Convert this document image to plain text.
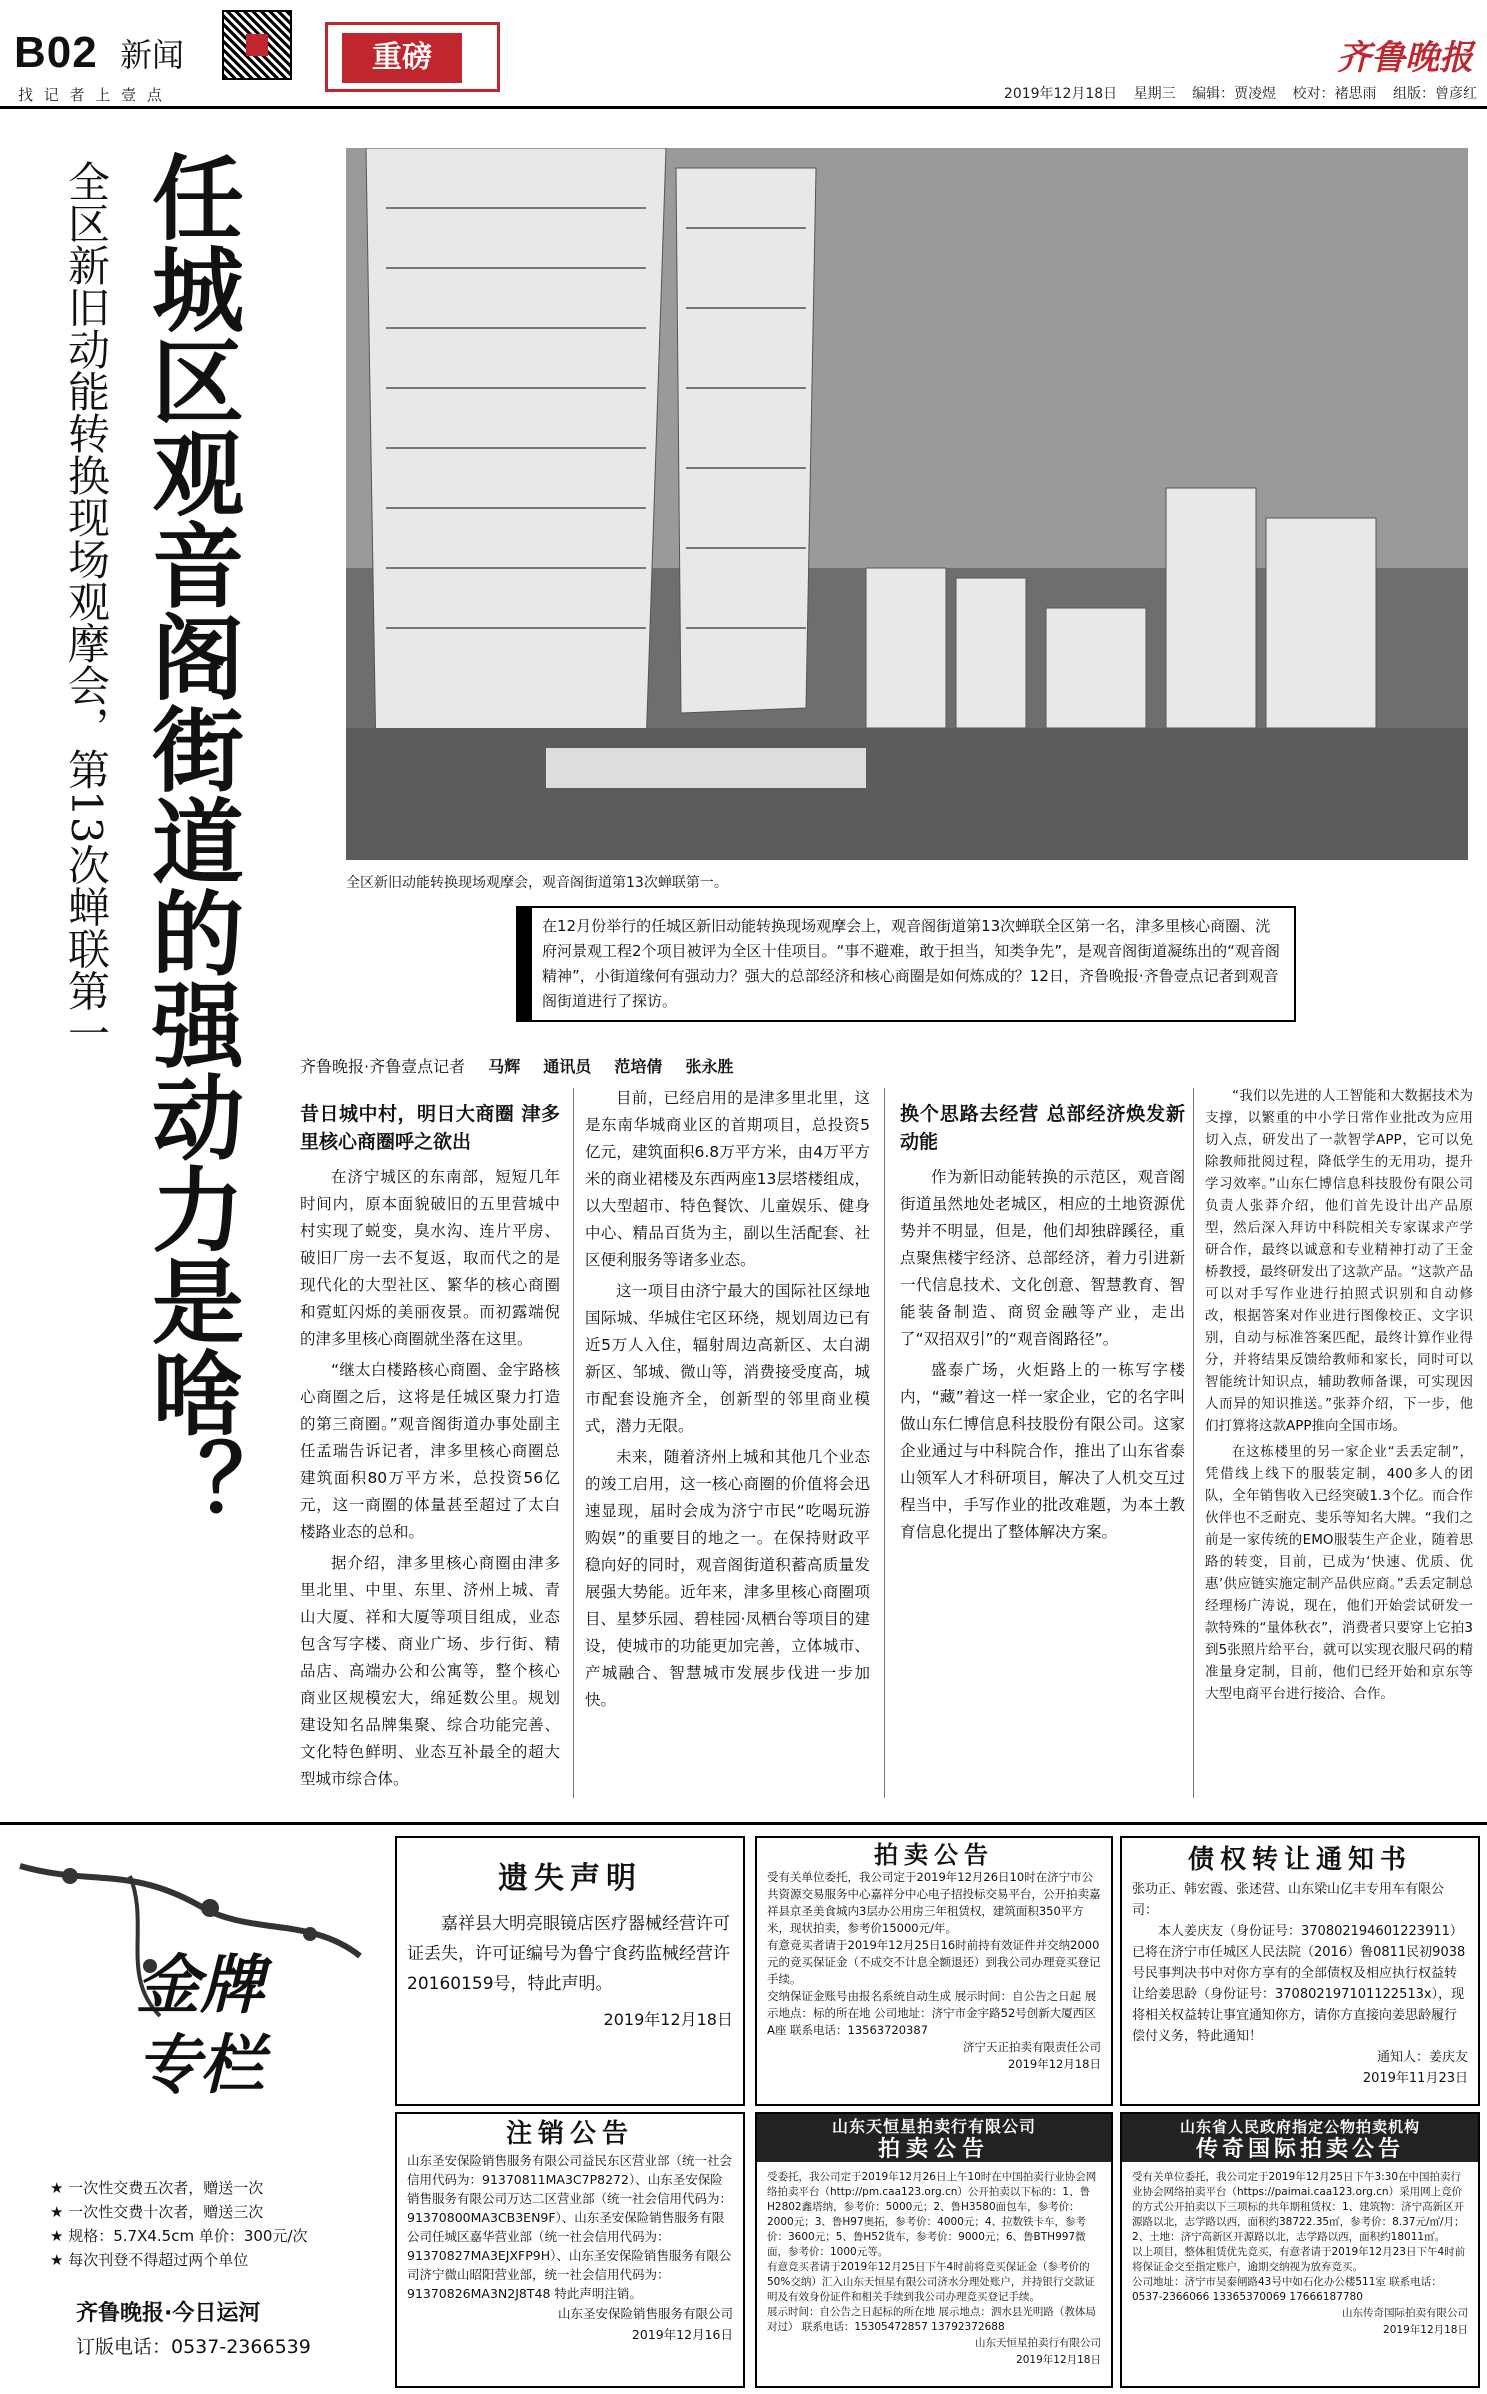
B02 新闻
找 记 者 上 壹 点
重磅	齐鲁晚报
2019年12月18日 星期三 编辑：贾凌煜 校对：褚思雨 组版：曾彦红
任城区观音阁街道的强动力是啥？
全区新旧动能转换现场观摩会，第13次蝉联第一	全区新旧动能转换现场观摩会，观音阁街道第13次蝉联第一。
在12月份举行的任城区新旧动能转换现场观摩会上，观音阁街道第13次蝉联全区第一名，津多里核心商圈、洸府河景观工程2个项目被评为全区十佳项目。“事不避难，敢于担当，知类争先”，是观音阁街道凝练出的“观音阁精神”，小街道缘何有强动力？强大的总部经济和核心商圈是如何炼成的？12日，齐鲁晚报·齐鲁壹点记者到观音阁街道进行了探访。
齐鲁晚报·齐鲁壹点记者 马辉 通讯员 范培倩 张永胜
昔日城中村，明日大商圈 津多里核心商圈呼之欲出

在济宁城区的东南部，短短几年时间内，原本面貌破旧的五里营城中村实现了蜕变，臭水沟、连片平房、破旧厂房一去不复返，取而代之的是现代化的大型社区、繁华的核心商圈和霓虹闪烁的美丽夜景。而初露端倪的津多里核心商圈就坐落在这里。

“继太白楼路核心商圈、金宇路核心商圈之后，这将是任城区聚力打造的第三商圈。”观音阁街道办事处副主任孟瑞告诉记者，津多里核心商圈总建筑面积80万平方米，总投资56亿元，这一商圈的体量甚至超过了太白楼路业态的总和。

据介绍，津多里核心商圈由津多里北里、中里、东里、济州上城、青山大厦、祥和大厦等项目组成，业态包含写字楼、商业广场、步行街、精品店、高端办公和公寓等，整个核心商业区规模宏大，绵延数公里。规划建设知名品牌集聚、综合功能完善、文化特色鲜明、业态互补最全的超大型城市综合体。

目前，已经启用的是津多里北里，这是东南华城商业区的首期项目，总投资5亿元，建筑面积6.8万平方米，由4万平方米的商业裙楼及东西两座13层塔楼组成，以大型超市、特色餐饮、儿童娱乐、健身中心、精品百货为主，副以生活配套、社区便利服务等诸多业态。

这一项目由济宁最大的国际社区绿地国际城、华城住宅区环绕，规划周边已有近5万人入住，辐射周边高新区、太白湖新区、邹城、微山等，消费接受度高，城市配套设施齐全，创新型的邻里商业模式，潜力无限。

未来，随着济州上城和其他几个业态的竣工启用，这一核心商圈的价值将会迅速显现，届时会成为济宁市民“吃喝玩游购娱”的重要目的地之一。在保持财政平稳向好的同时，观音阁街道积蓄高质量发展强大势能。近年来，津多里核心商圈项目、星梦乐园、碧桂园·凤栖台等项目的建设，使城市的功能更加完善，立体城市、产城融合、智慧城市发展步伐进一步加快。

换个思路去经营 总部经济焕发新动能

作为新旧动能转换的示范区，观音阁街道虽然地处老城区，相应的土地资源优势并不明显，但是，他们却独辟蹊径，重点聚焦楼宇经济、总部经济，着力引进新一代信息技术、文化创意、智慧教育、智能装备制造、商贸金融等产业，走出了“双招双引”的“观音阁路径”。

盛泰广场，火炬路上的一栋写字楼内，“藏”着这一样一家企业，它的名字叫做山东仁博信息科技股份有限公司。这家企业通过与中科院合作，推出了山东省泰山领军人才科研项目，解决了人机交互过程当中，手写作业的批改难题，为本土教育信息化提出了整体解决方案。

“我们以先进的人工智能和大数据技术为支撑，以繁重的中小学日常作业批改为应用切入点，研发出了一款智学APP，它可以免除教师批阅过程，降低学生的无用功，提升学习效率。”山东仁博信息科技股份有限公司负责人张莽介绍，他们首先设计出产品原型，然后深入拜访中科院相关专家谋求产学研合作，最终以诚意和专业精神打动了王金桥教授，最终研发出了这款产品。“这款产品可以对手写作业进行拍照式识别和自动修改，根据答案对作业进行图像校正、文字识别，自动与标准答案匹配，最终计算作业得分，并将结果反馈给教师和家长，同时可以智能统计知识点，辅助教师备课，可实现因人而异的知识推送。”张莽介绍，下一步，他们打算将这款APP推向全国市场。

在这栋楼里的另一家企业“丢丢定制”，凭借线上线下的服装定制，400多人的团队，全年销售收入已经突破1.3个亿。而合作伙伴也不乏耐克、斐乐等知名大牌。“我们之前是一家传统的EMO服装生产企业，随着思路的转变，目前，已成为‘快速、优质、优惠’供应链实施定制产品供应商。”丢丢定制总经理杨广涛说，现在，他们开始尝试研发一款特殊的“量体秋衣”，消费者只要穿上它拍3到5张照片给平台，就可以实现衣服尺码的精准量身定制，目前，他们已经开始和京东等大型电商平台进行接洽、合作。

金牌
专栏
★ 一次性交费五次者，赠送一次
★ 一次性交费十次者，赠送三次
★ 规格：5.7X4.5cm 单价：300元/次
★ 每次刊登不得超过两个单位
齐鲁晚报·今日运河
订版电话：0537-2366539
遗失声明

嘉祥县大明亮眼镜店医疗器械经营许可证丢失，许可证编号为鲁宁食药监械经营许20160159号，特此声明。

2019年12月18日

拍卖公告
受有关单位委托，我公司定于2019年12月26日10时在济宁市公共资源交易服务中心嘉祥分中心电子招投标交易平台，公开拍卖嘉祥县京圣美食城内3层办公用房三年租赁权，建筑面积350平方米，现状拍卖，参考价15000元/年。
有意竞买者请于2019年12月25日16时前持有效证件并交纳2000元的竞买保证金（不成交不计息全额退还）到我公司办理竞买登记手续。
交纳保证金账号由报名系统自动生成 展示时间：自公告之日起 展示地点：标的所在地 公司地址：济宁市金宇路52号创新大厦西区A座 联系电话：13563720387
济宁天正拍卖有限责任公司
2019年12月18日
债权转让通知书

张功正、韩宏霞、张述营、山东梁山亿丰专用车有限公司：

本人姜庆友（身份证号：370802194601223911）已将在济宁市任城区人民法院（2016）鲁0811民初9038号民事判决书中对你方享有的全部债权及相应执行权益转让给姜思龄（身份证号：370802197101122513x），现将相关权益转让事宜通知你方，请你方直接向姜思龄履行偿付义务，特此通知！

通知人：姜庆友

2019年11月23日

注销公告

山东圣安保险销售服务有限公司益民东区营业部（统一社会信用代码为：91370811MA3C7P8272）、山东圣安保险销售服务有限公司万达二区营业部（统一社会信用代码为：91370800MA3CB3EN9F）、山东圣安保险销售服务有限公司任城区嘉华营业部（统一社会信用代码为：91370827MA3EJXFP9H）、山东圣安保险销售服务有限公司济宁微山昭阳营业部，统一社会信用代码为：91370826MA3N2J8T48 特此声明注销。

山东圣安保险销售服务有限公司

2019年12月16日

山东天恒星拍卖行有限公司
拍卖公告
受委托，我公司定于2019年12月26日上午10时在中国拍卖行业协会网络拍卖平台（http://pm.caa123.org.cn）公开拍卖以下标的：1、鲁H2802鑫塔纳，参考价：5000元；2、鲁H3580面包车，参考价：2000元；3、鲁H97奥拓，参考价：4000元；4、拉数铁卡车，参考价：3600元；5、鲁H52货车，参考价：9000元；6、鲁BTH997微面，参考价：1000元等。
有意竞买者请于2019年12月25日下午4时前将竞买保证金（参考价的50%交纳）汇入山东天恒星有限公司济水分理处账户，并持银行交款证明及有效身份证件和相关手续到我公司办理竞买登记手续。
展示时间：自公告之日起标的所在地 展示地点：泗水县光明路（教体局对过） 联系电话：15305472857 13792372688
山东天恒星拍卖行有限公司
2019年12月18日
山东省人民政府指定公物拍卖机构
传奇国际拍卖公告
受有关单位委托，我公司定于2019年12月25日下午3:30在中国拍卖行业协会网络拍卖平台（https://paimai.caa123.org.cn）采用网上竞价的方式公开拍卖以下三项标的共年期租赁权：1、建筑物：济宁高新区开源路以北，志学路以西，面积约38722.35㎡，参考价：8.37元/㎡/月；2、土地：济宁高新区开源路以北，志学路以西，面积约18011㎡。
以上项目，整体租赁优先竞买，有意者请于2019年12月23日下午4时前将保证金交至指定账户，逾期交纳视为放弃竞买。
公司地址：济宁市吴泰闸路43号中如石化办公楼511室 联系电话：0537-2366066 13365370069 17666187780
山东传奇国际拍卖有限公司
2019年12月18日
